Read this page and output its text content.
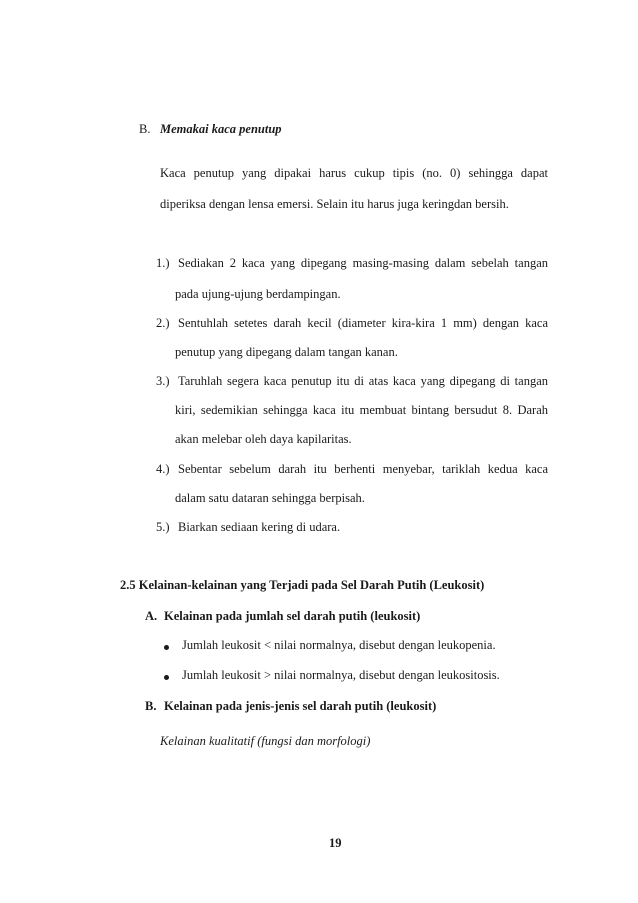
B. Memakai kaca penutup
Kaca penutup yang dipakai harus cukup tipis (no. 0) sehingga dapat
diperiksa dengan lensa emersi. Selain itu harus juga keringdan bersih.
1.) Sediakan 2 kaca yang dipegang masing-masing dalam sebelah tangan
pada ujung-ujung berdampingan.
2.) Sentuhlah setetes darah kecil (diameter kira-kira 1 mm) dengan kaca
penutup yang dipegang dalam tangan kanan.
3.) Taruhlah segera kaca penutup itu di atas kaca yang dipegang di tangan
kiri, sedemikian sehingga kaca itu membuat bintang bersudut 8. Darah
akan melebar oleh daya kapilaritas.
4.) Sebentar sebelum darah itu berhenti menyebar, tariklah kedua kaca
dalam satu dataran sehingga berpisah.
5.) Biarkan sediaan kering di udara.
2.5 Kelainan-kelainan yang Terjadi pada Sel Darah Putih (Leukosit)
A. Kelainan pada jumlah sel darah putih (leukosit)
Jumlah leukosit < nilai normalnya, disebut dengan leukopenia.
Jumlah leukosit > nilai normalnya, disebut dengan leukositosis.
B. Kelainan pada jenis-jenis sel darah putih (leukosit)
Kelainan kualitatif (fungsi dan morfologi)
19
